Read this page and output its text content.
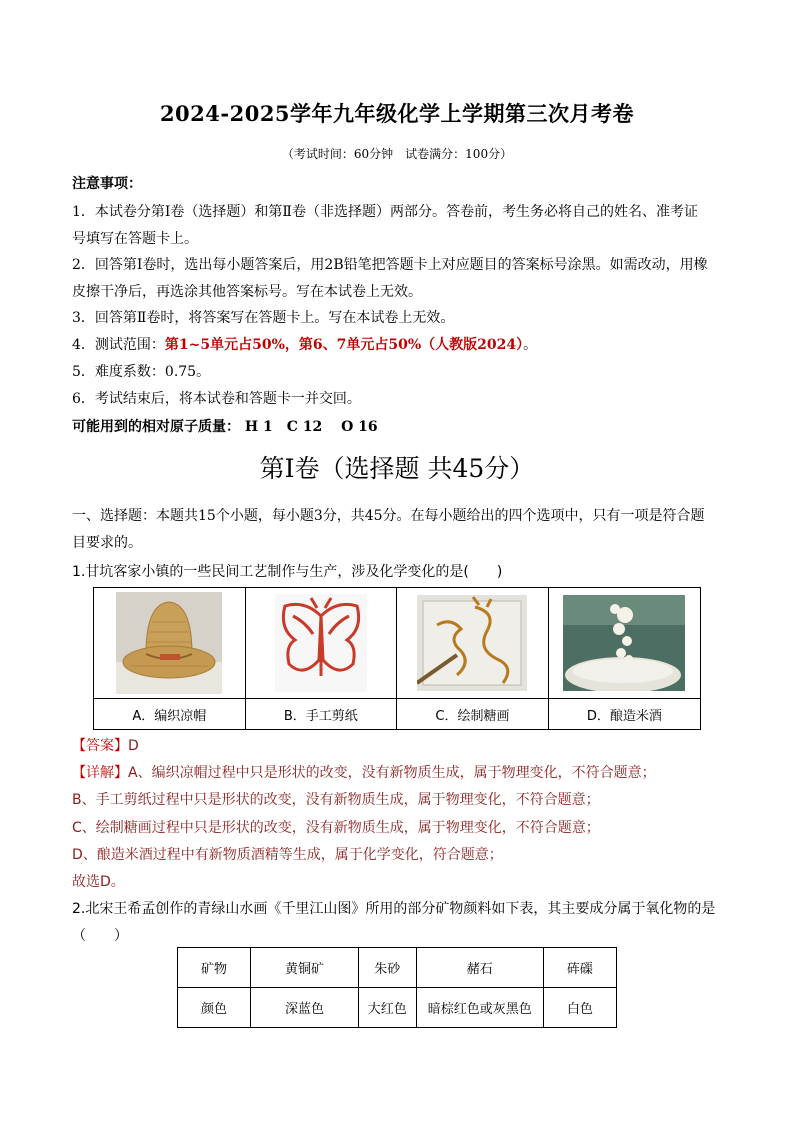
2024-2025学年九年级化学上学期第三次月考卷
（考试时间：60分钟　试卷满分：100分）
注意事项：
1．本试卷分第Ⅰ卷（选择题）和第Ⅱ卷（非选择题）两部分。答卷前，考生务必将自己的姓名、准考证
号填写在答题卡上。
2．回答第Ⅰ卷时，选出每小题答案后，用2B铅笔把答题卡上对应题目的答案标号涂黑。如需改动，用橡
皮擦干净后，再选涂其他答案标号。写在本试卷上无效。
3．回答第Ⅱ卷时，将答案写在答题卡上。写在本试卷上无效。
4．测试范围：第1~5单元占50%，第6、7单元占50%（人教版2024）。
5．难度系数：0.75。
6．考试结束后，将本试卷和答题卡一并交回。
可能用到的相对原子质量： H 1　C 12　 O 16
第Ⅰ卷（选择题 共45分）
一、选择题：本题共15个小题，每小题3分，共45分。在每小题给出的四个选项中，只有一项是符合题
目要求的。
1.甘坑客家小镇的一些民间工艺制作与生产，涉及化学变化的是(　　)

A．编织凉帽	B．手工剪纸	C．绘制糖画	D．酿造米酒
【答案】D
【详解】A、编织凉帽过程中只是形状的改变，没有新物质生成，属于物理变化，不符合题意；
B、手工剪纸过程中只是形状的改变，没有新物质生成，属于物理变化，不符合题意；
C、绘制糖画过程中只是形状的改变，没有新物质生成，属于物理变化，不符合题意；
D、酿造米酒过程中有新物质酒精等生成，属于化学变化，符合题意；
故选D。
2.北宋王希孟创作的青绿山水画《千里江山图》所用的部分矿物颜料如下表，其主要成分属于氧化物的是
（　　）
矿物	黄铜矿	朱砂	赭石	砗磲
颜色	深蓝色	大红色	暗棕红色或灰黑色	白色
